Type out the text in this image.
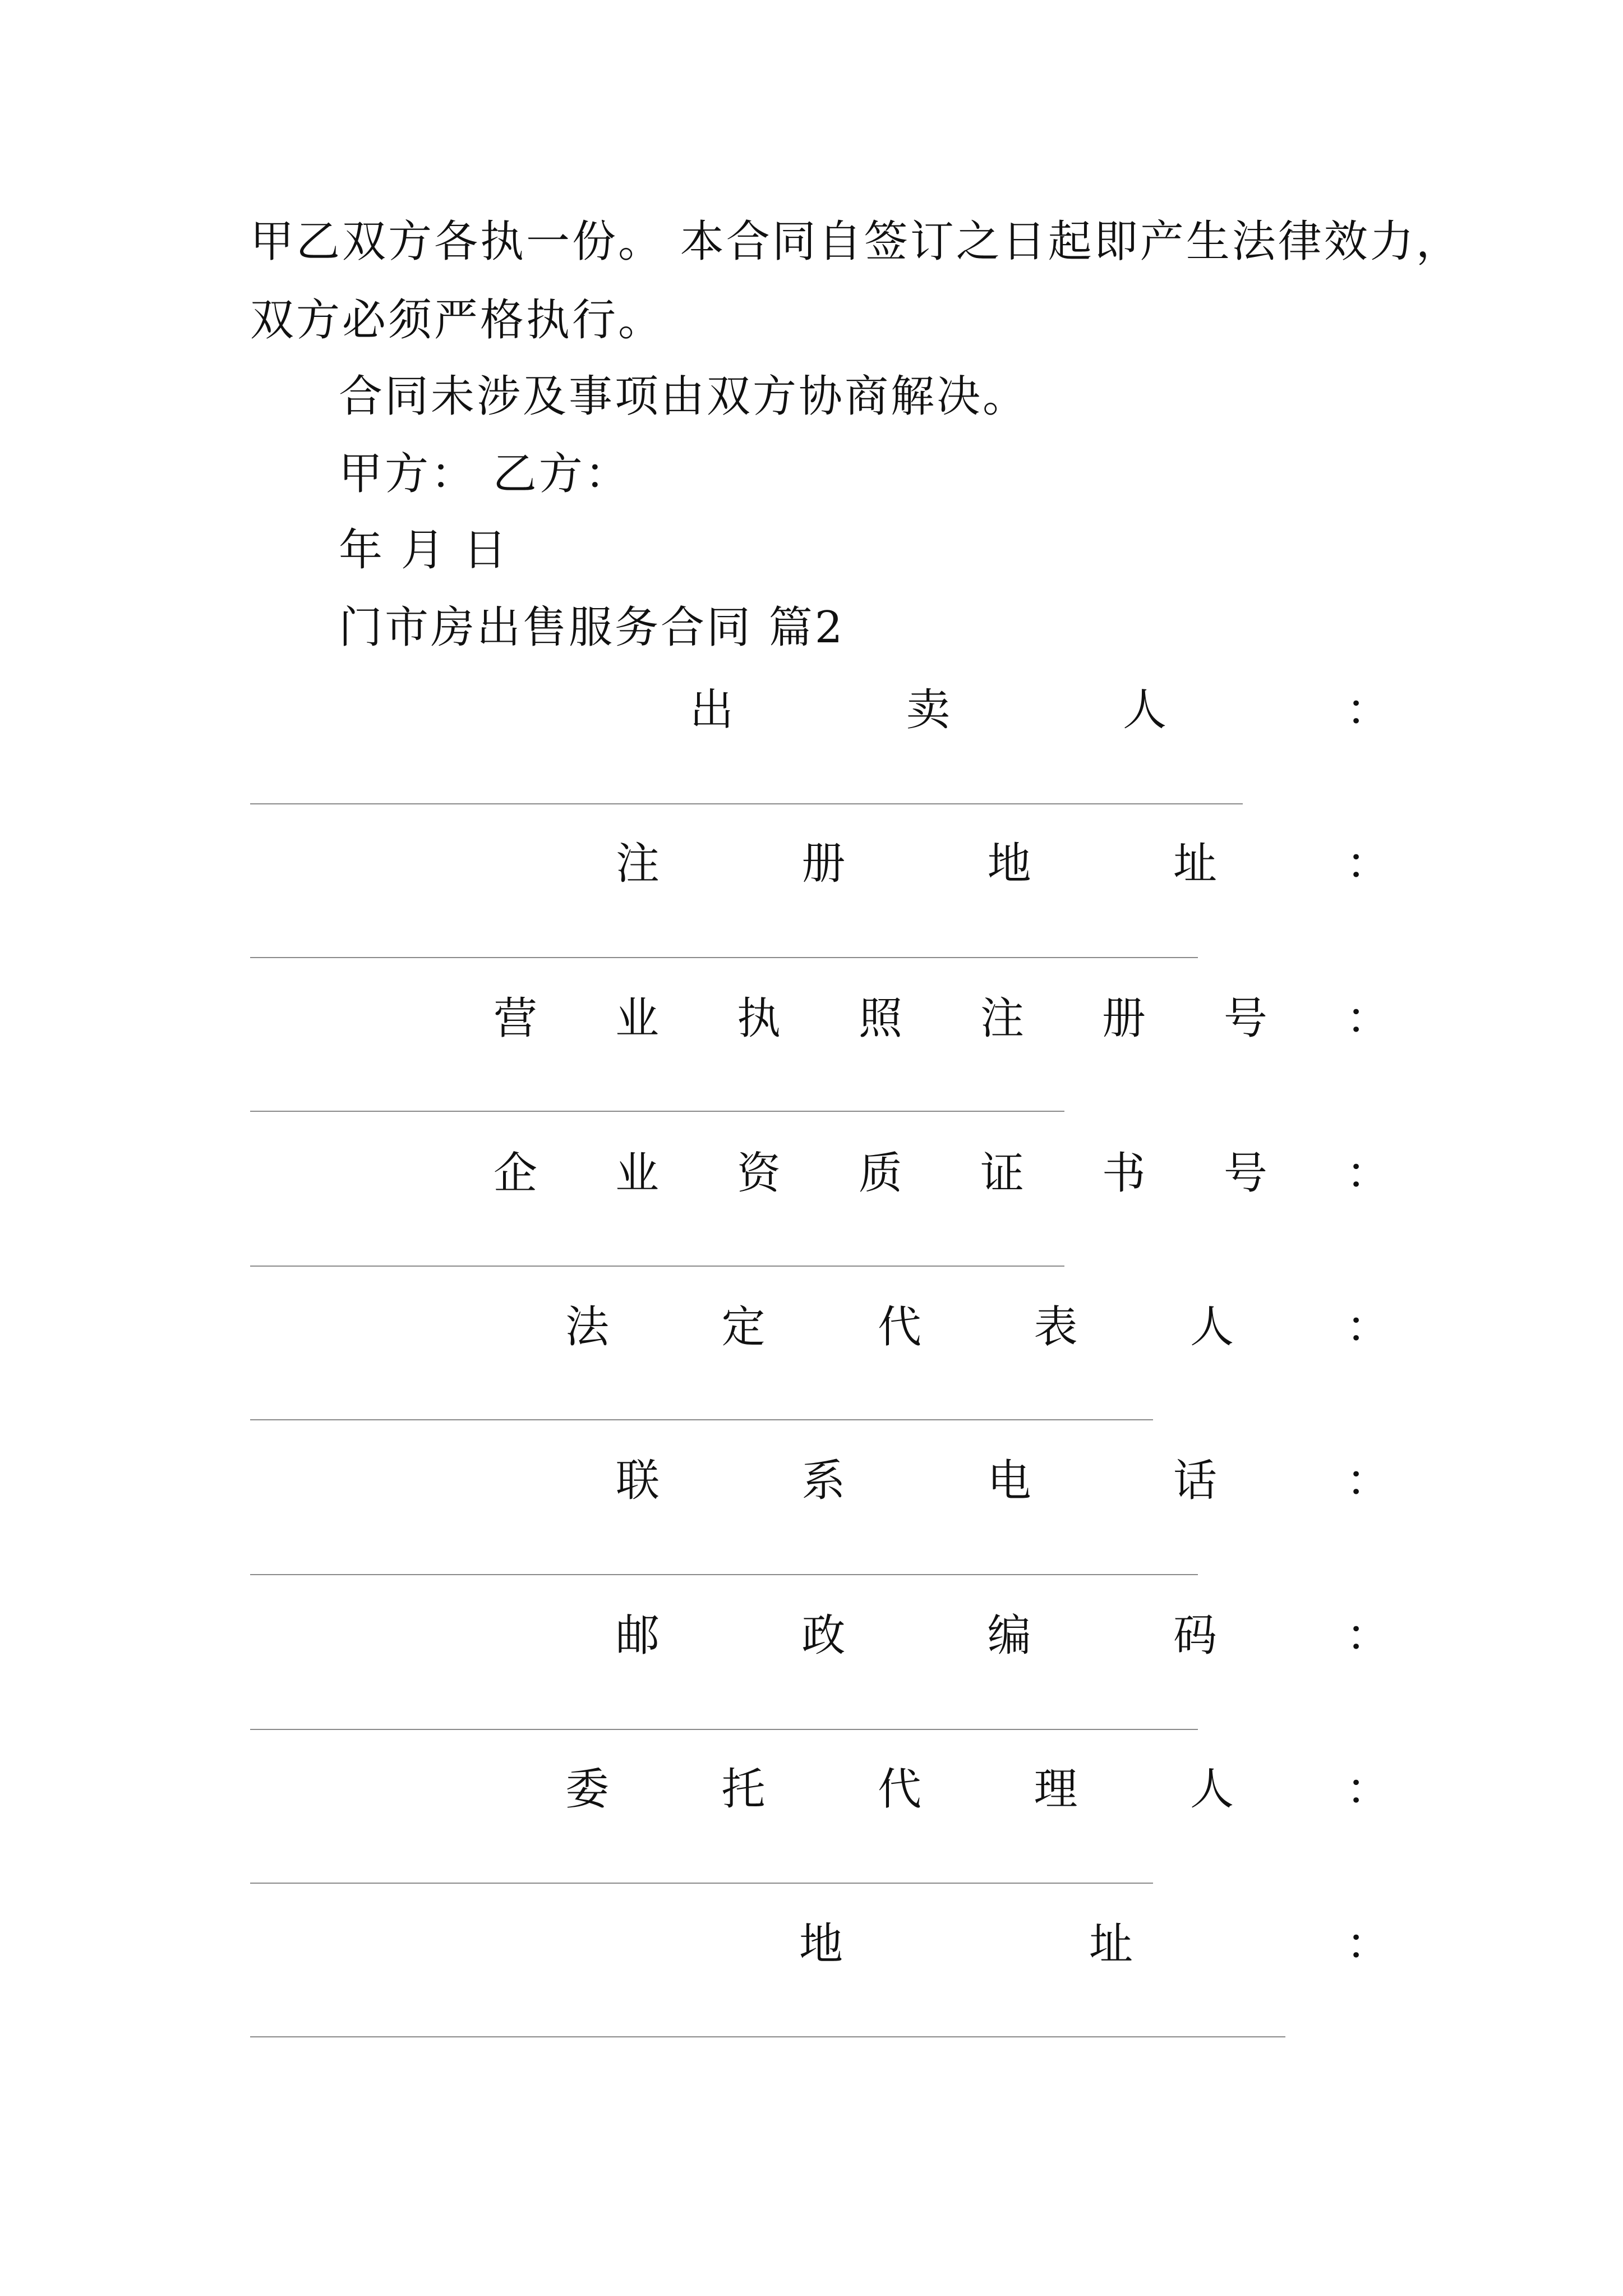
甲乙双方各执一份。 本合同自签订之日起即产生法律效力，
双方必须严格执行。
合同未涉及事项由双方协商解决。
甲方： 乙方：
年 月 日
门市房出售服务合同 篇2
出	卖	人	：
注	册	地	址	：
营 业 执 照 注 册 号 ：
企 业 资 质 证 书 号 ：
法	定	代	表	人	：
联	系	电	话	：
邮	政	编	码	：
委	托	代	理	人	：
地	址	：
